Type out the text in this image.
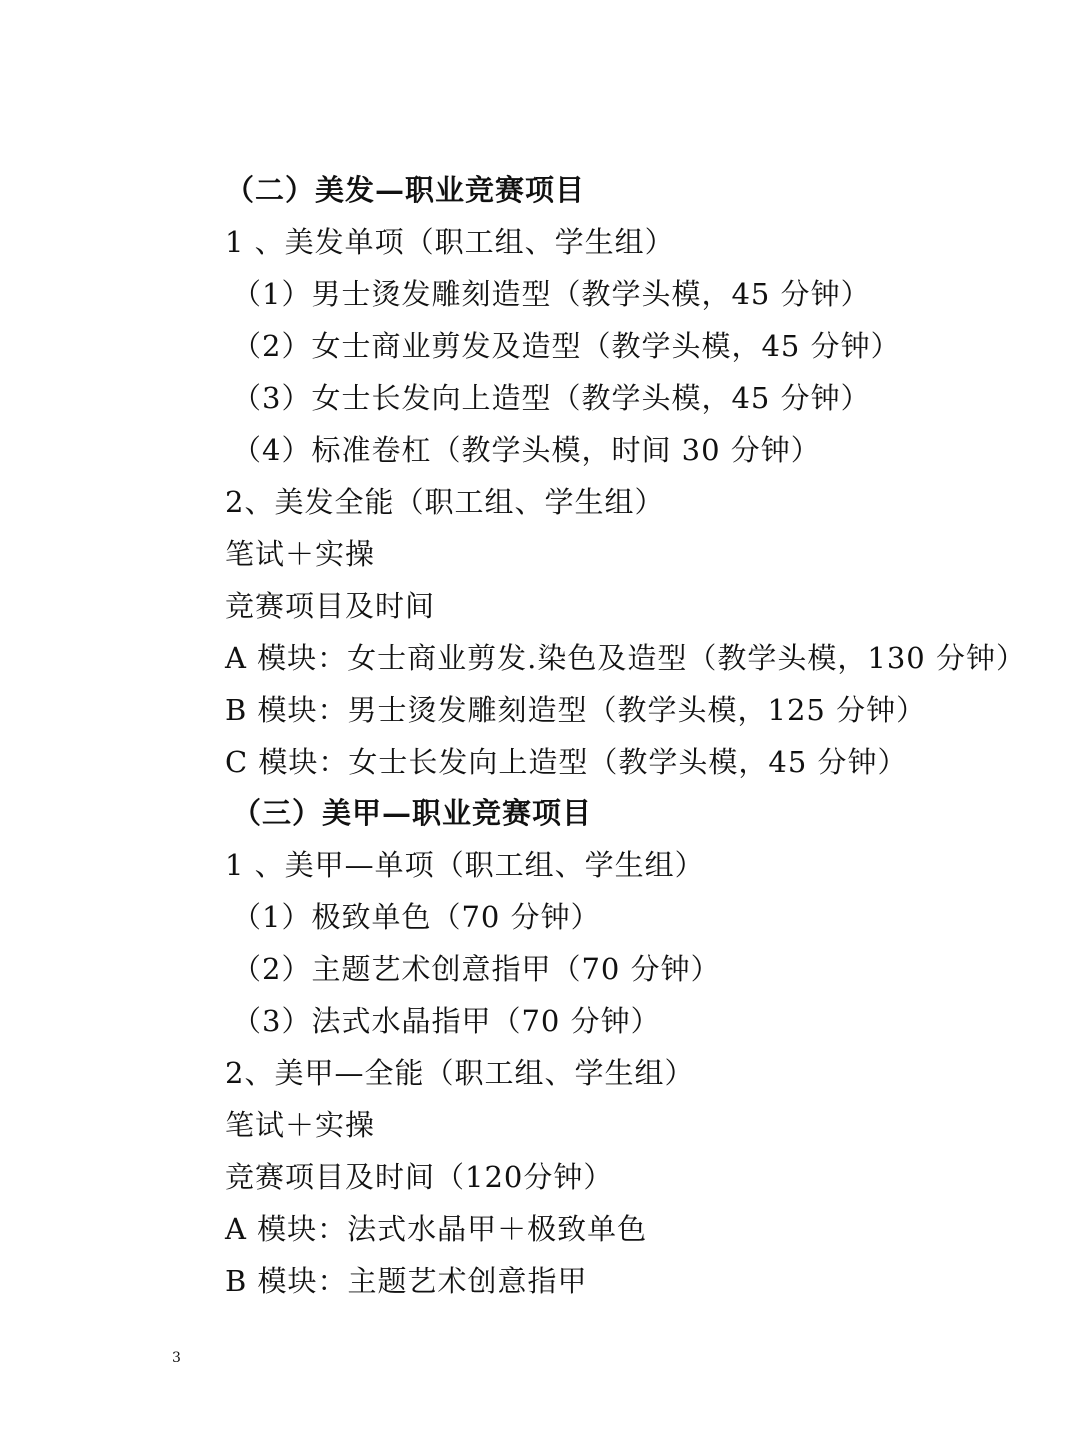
（二）美发—职业竞赛项目
1 、美发单项（职工组、学生组）
（1）男士烫发雕刻造型（教学头模，45 分钟）
（2）女士商业剪发及造型（教学头模，45 分钟）
（3）女士长发向上造型（教学头模，45 分钟）
（4）标准卷杠（教学头模，时间 30 分钟）
2、美发全能（职工组、学生组）
笔试＋实操
竞赛项目及时间
A 模块：女士商业剪发.染色及造型（教学头模，130 分钟）
B 模块：男士烫发雕刻造型（教学头模，125 分钟）
C 模块：女士长发向上造型（教学头模，45 分钟）
（三）美甲—职业竞赛项目
1 、美甲—单项（职工组、学生组）
（1）极致单色（70 分钟）
（2）主题艺术创意指甲（70 分钟）
（3）法式水晶指甲（70 分钟）
2、美甲—全能（职工组、学生组）
笔试＋实操
竞赛项目及时间（120分钟）
A 模块：法式水晶甲＋极致单色
B 模块：主题艺术创意指甲
3
